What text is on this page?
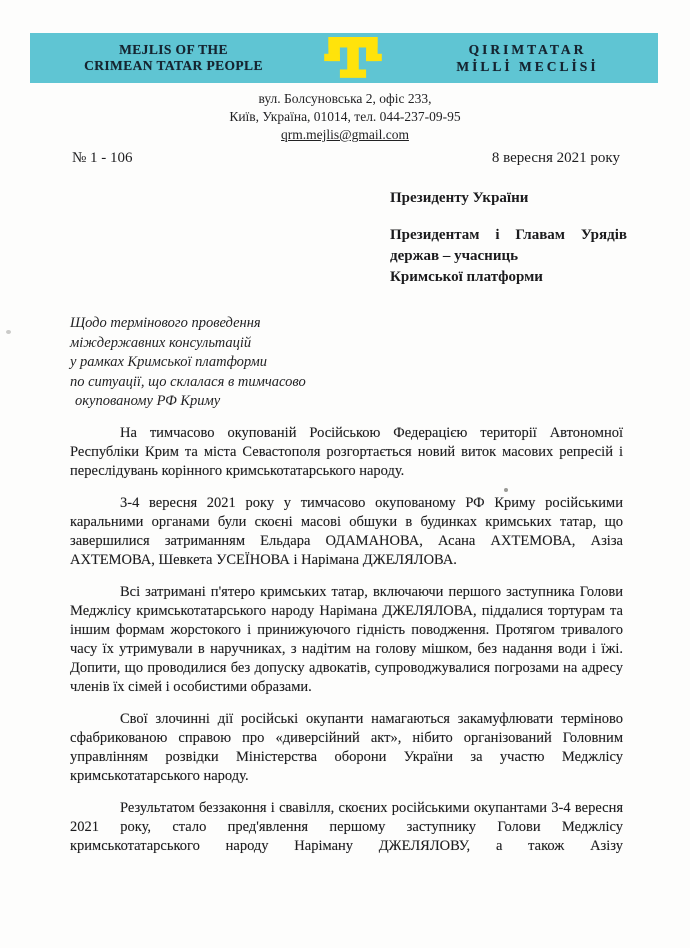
MEJLIS OF THE
CRIMEAN TATAR PEOPLE
QIRIMTATAR
MİLLİ MECLİSİ
вул. Болсуновська 2, офіс 233,
Київ, Україна, 01014, тел. 044-237-09-95
qrm.mejlis@gmail.com
№ 1 - 106	8 вересня 2021 року
Президенту України
Президентам і Главам Урядів
держав – учасниць
Кримської платформи
Щодо термінового проведення
міждержавних консультацій
у рамках Кримської платформи
по ситуації, що склалася в тимчасово
окупованому РФ Криму

На тимчасово окупованій Російською Федерацією території Автономної Республіки Крим та міста Севастополя розгортається новий виток масових репресій і переслідувань корінного кримськотатарського народу.

3-4 вересня 2021 року у тимчасово окупованому РФ Криму російськими каральними органами були скоєні масові обшуки в будинках кримських татар, що завершилися затриманням Ельдара ОДАМАНОВА, Асана АХТЕМОВА, Азіза АХТЕМОВА, Шевкета УСЕЇНОВА і Нарімана ДЖЕЛЯЛОВА.

Всі затримані п'ятеро кримських татар, включаючи першого заступника Голови Меджлісу кримськотатарського народу Нарімана ДЖЕЛЯЛОВА, піддалися тортурам та іншим формам жорстокого і принижуючого гідність поводження. Протягом тривалого часу їх утримували в наручниках, з надітим на голову мішком, без надання води і їжі. Допити, що проводилися без допуску адвокатів, супроводжувалися погрозами на адресу членів їх сімей і особистими образами.

Свої злочинні дії російські окупанти намагаються закамуфлювати терміново сфабрикованою справою про «диверсійний акт», нібито організований Головним управлінням розвідки Міністерства оборони України за участю Меджлісу кримськотатарського народу.

Результатом беззаконня і свавілля, скоєних російськими окупантами 3-4 вересня 2021 року, стало пред'явлення першому заступнику Голови Меджлісу кримськотатарського народу Наріману ДЖЕЛЯЛОВУ, а також Азізу
